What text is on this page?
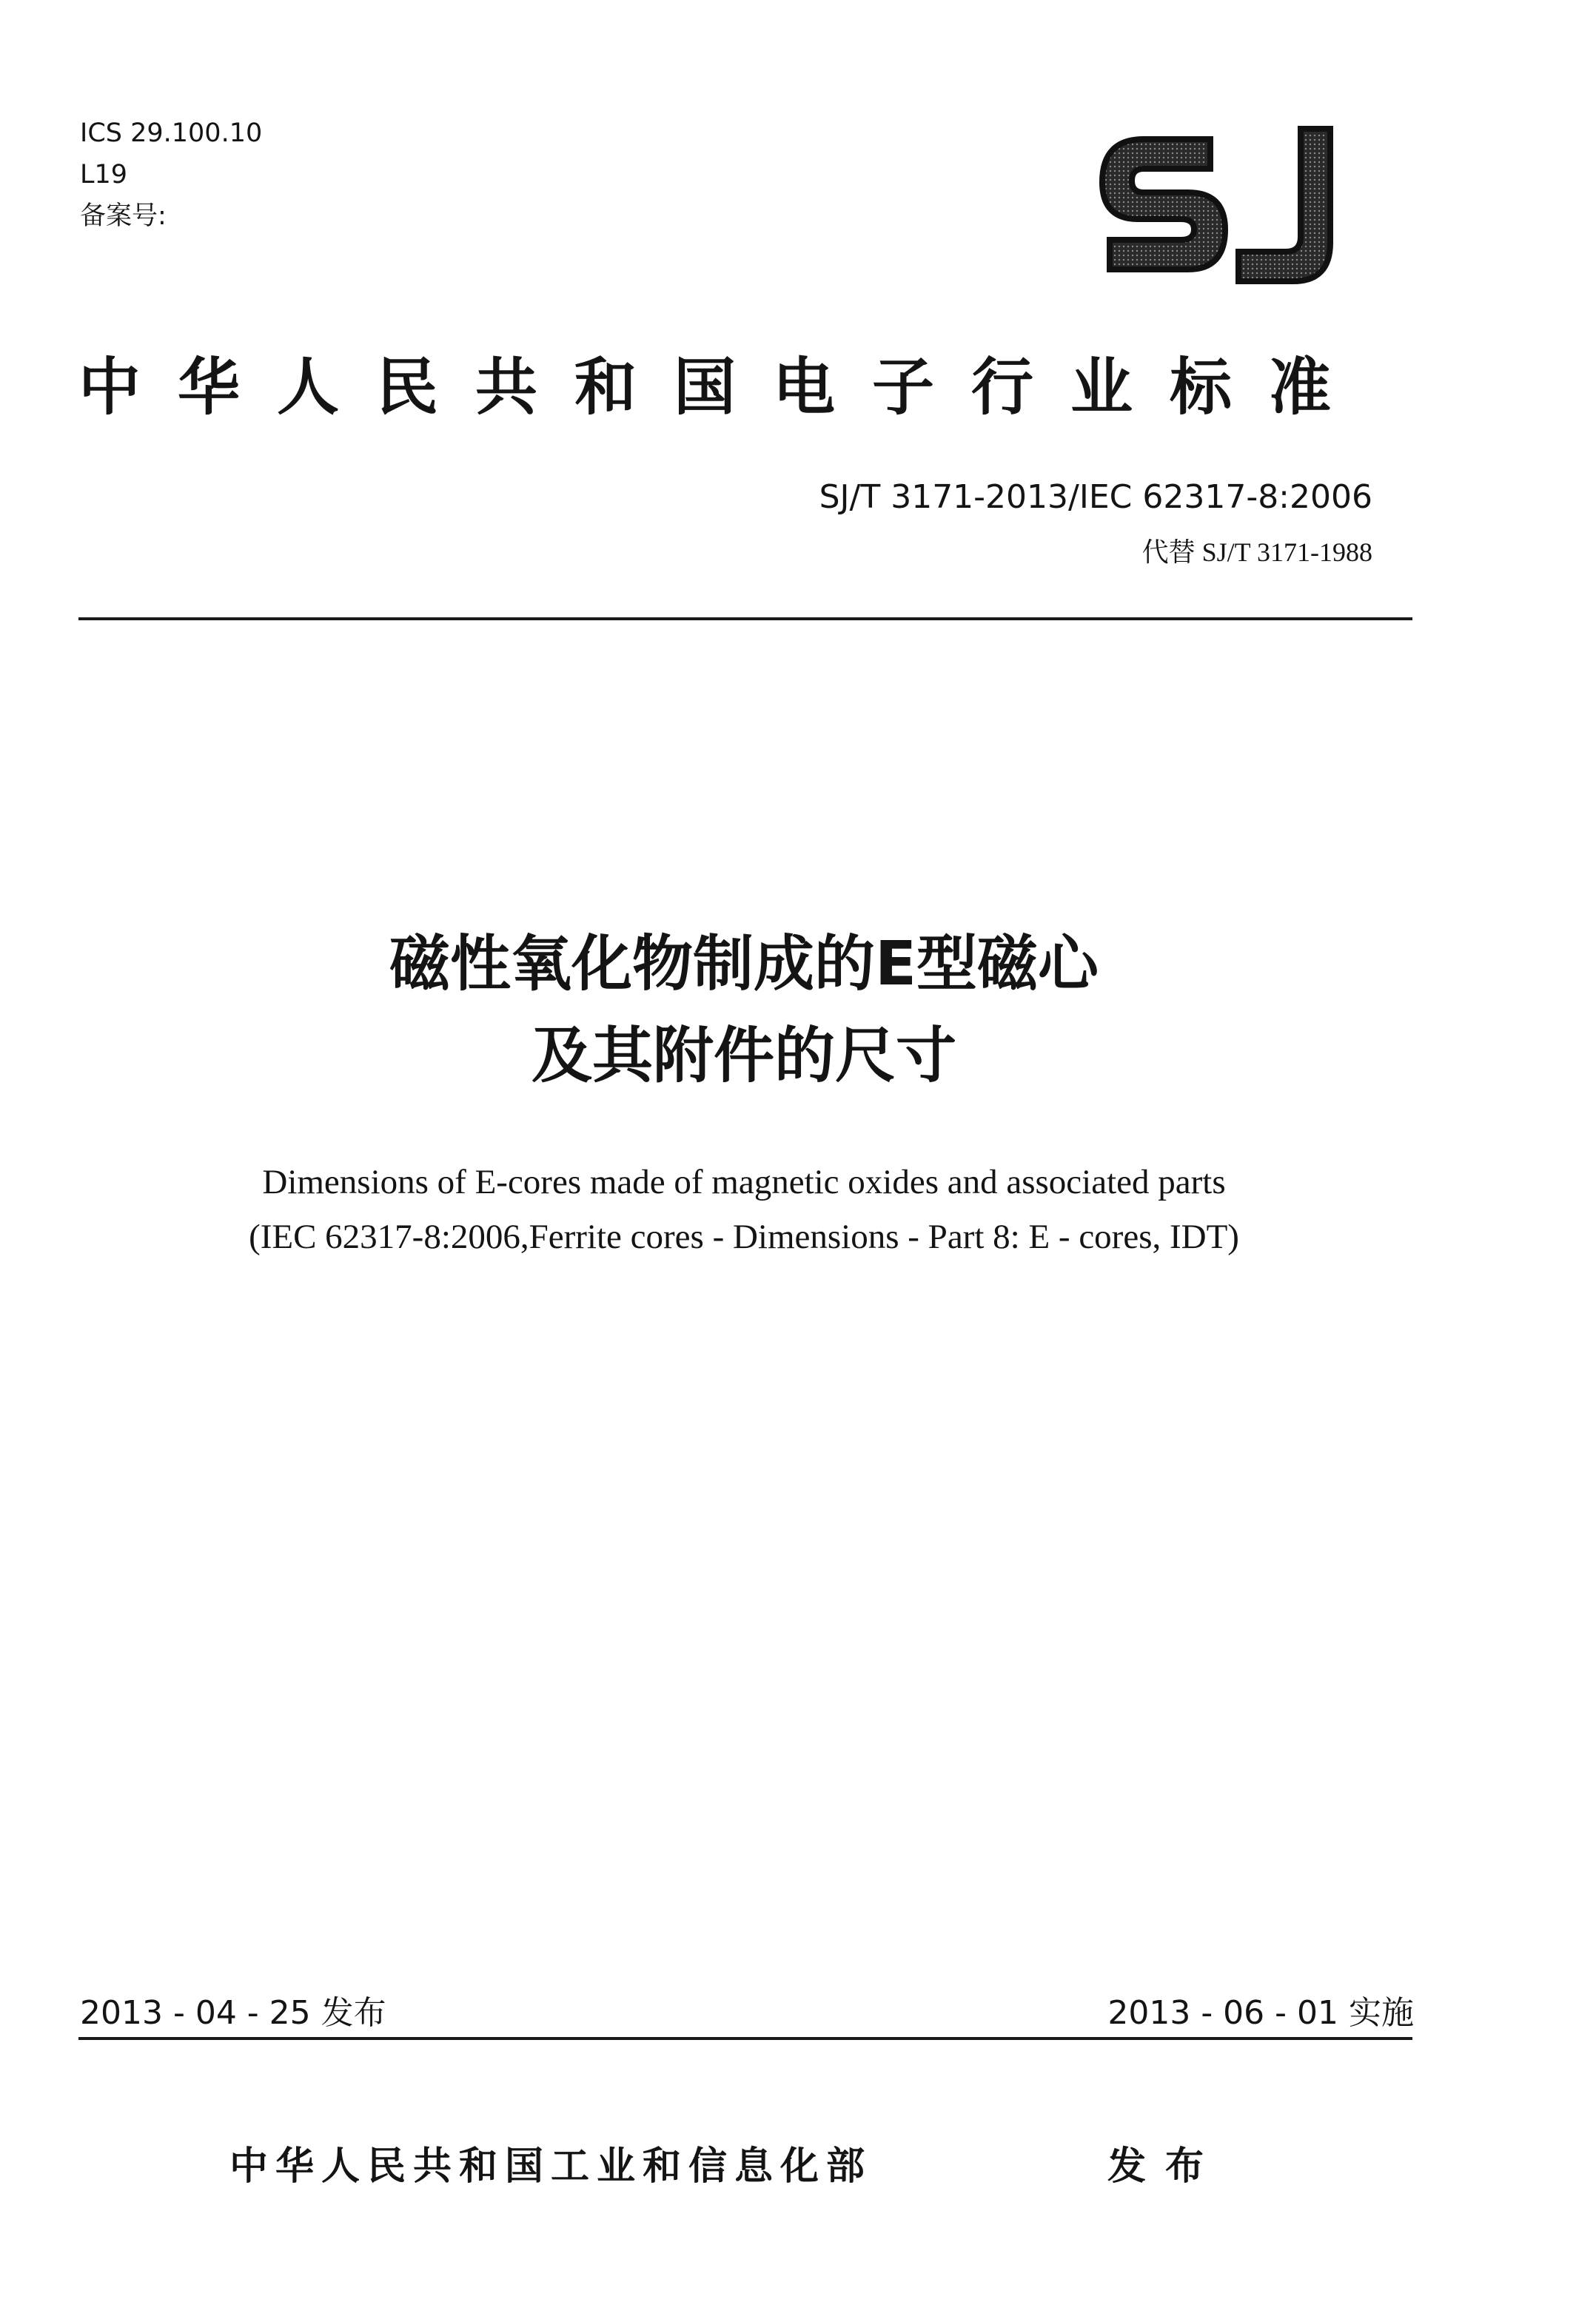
ICS 29.100.10
L19
备案号:
中华人民共和国电子行业标准
SJ/T 3171-2013/IEC 62317-8:2006
代替 SJ/T 3171-1988
磁性氧化物制成的E型磁心
及其附件的尺寸
Dimensions of E-cores made of magnetic oxides and associated parts
(IEC 62317-8:2006,Ferrite cores - Dimensions - Part 8: E - cores, IDT)
2013 - 04 - 25 发布	2013 - 06 - 01 实施
中华人民共和国工业和信息化部	发布
